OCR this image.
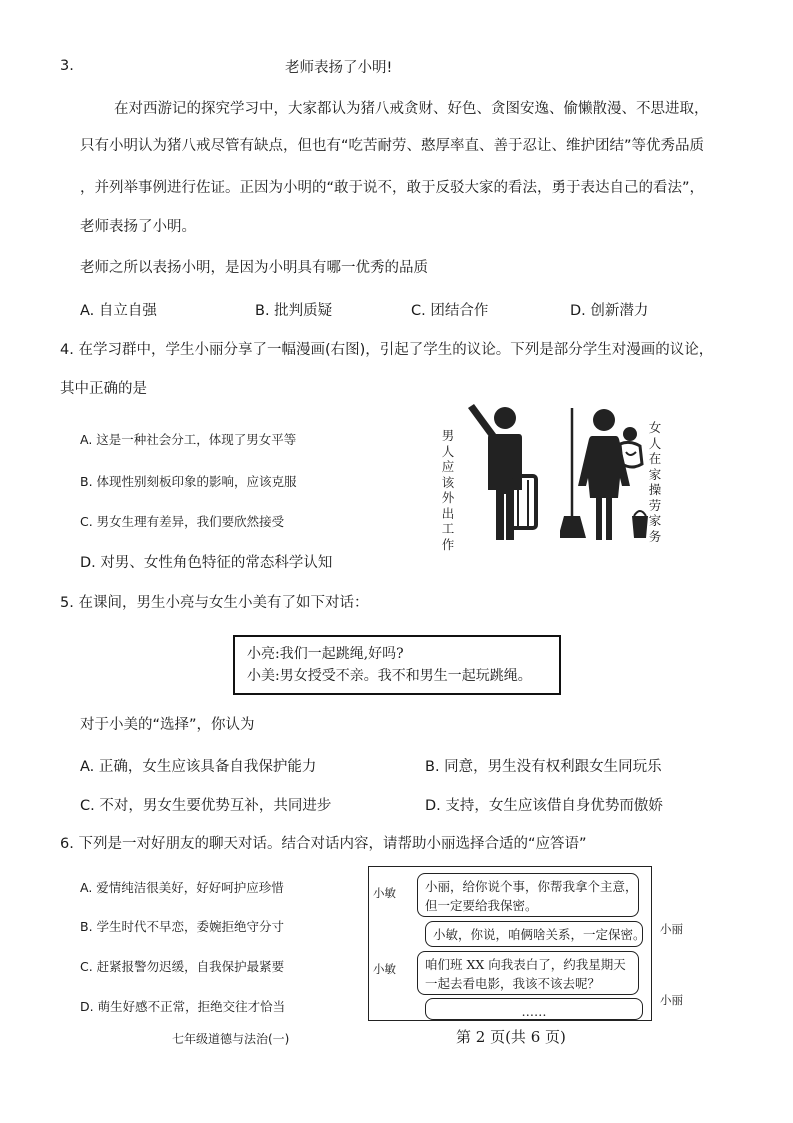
3.	老师表扬了小明!
在对西游记的探究学习中，大家都认为猪八戒贪财、好色、贪图安逸、偷懒散漫、不思进取，
只有小明认为猪八戒尽管有缺点，但也有“吃苦耐劳、憨厚率直、善于忍让、维护团结”等优秀品质
，并列举事例进行佐证。正因为小明的“敢于说不，敢于反驳大家的看法，勇于表达自己的看法”，
老师表扬了小明。
老师之所以表扬小明，是因为小明具有哪一优秀的品质
A. 自立自强	B. 批判质疑	C. 团结合作	D. 创新潜力
4. 在学习群中，学生小丽分享了一幅漫画(右图)，引起了学生的议论。下列是部分学生对漫画的议论，
其中正确的是
A. 这是一种社会分工，体现了男女平等
B. 体现性别刻板印象的影响，应该克服
C. 男女生理有差异，我们要欣然接受
D. 对男、女性角色特征的常态科学认知
男
人
应
该
外
出
工
作
女
人
在
家
操
劳
家
务
5. 在课间，男生小亮与女生小美有了如下对话：
小亮:我们一起跳绳,好吗?
小美:男女授受不亲。我不和男生一起玩跳绳。
对于小美的“选择”，你认为
A. 正确，女生应该具备自我保护能力	B. 同意，男生没有权利跟女生同玩乐
C. 不对，男女生要优势互补，共同进步	D. 支持，女生应该借自身优势而傲娇
6. 下列是一对好朋友的聊天对话。结合对话内容，请帮助小丽选择合适的“应答语”
A. 爱情纯洁很美好，好好呵护应珍惜
B. 学生时代不早恋，委婉拒绝守分寸
C. 赶紧报警勿迟缓，自我保护最紧要
D. 萌生好感不正常，拒绝交往才恰当
小敏 小丽，给你说个事，你帮我拿个主意，
但一定要给我保密。
小敏，你说，咱俩啥关系，一定保密。
小敏 咱们班 XX 向我表白了，约我星期天
一起去看电影，我该不该去呢？
……
小丽
小丽
七年级道德与法治(一)	第 2 页(共 6 页)
